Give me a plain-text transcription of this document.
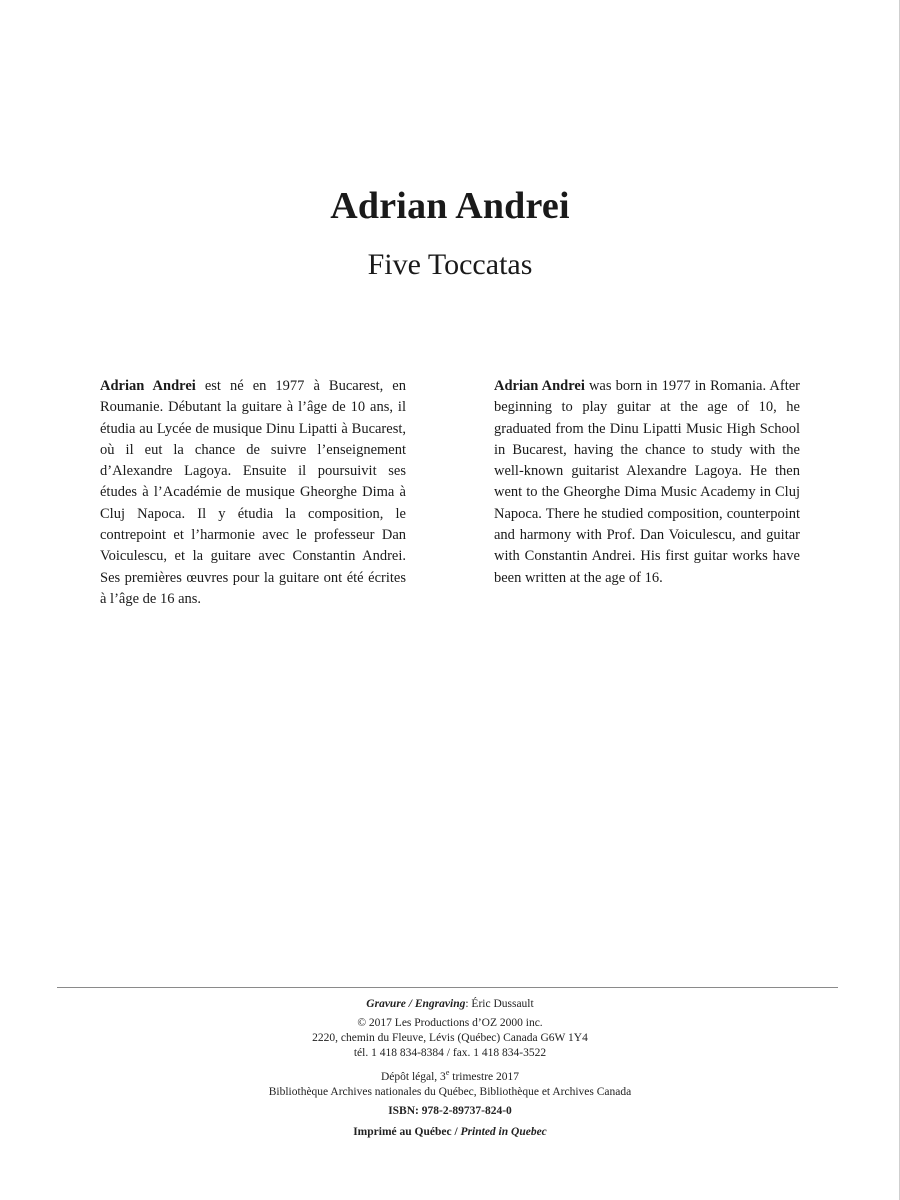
Adrian Andrei
Five Toccatas
Adrian Andrei est né en 1977 à Bucarest, en Roumanie. Débutant la guitare à l’âge de 10 ans, il étudia au Lycée de musique Dinu Lipatti à Bucarest, où il eut la chance de suivre l’enseignement d’Alexandre Lagoya. Ensuite il poursuivit ses études à l’Académie de musique Gheorghe Dima à Cluj Napoca. Il y étudia la composition, le contrepoint et l’harmonie avec le professeur Dan Voiculescu, et la guitare avec Constantin Andrei. Ses premières œuvres pour la guitare ont été écrites à l’âge de 16 ans.
Adrian Andrei was born in 1977 in Romania. After beginning to play guitar at the age of 10, he graduated from the Dinu Lipatti Music High School in Bucarest, having the chance to study with the well-known guitarist Alexandre Lagoya. He then went to the Gheorghe Dima Music Academy in Cluj Napoca. There he studied composition, counterpoint and harmony with Prof. Dan Voiculescu, and guitar with Constantin Andrei. His first guitar works have been written at the age of 16.
Gravure / Engraving: Éric Dussault
© 2017 Les Productions d’OZ 2000 inc.
2220, chemin du Fleuve, Lévis (Québec) Canada G6W 1Y4
tél. 1 418 834-8384 / fax. 1 418 834-3522
Dépôt légal, 3e trimestre 2017
Bibliothèque Archives nationales du Québec, Bibliothèque et Archives Canada
ISBN: 978-2-89737-824-0
Imprimé au Québec / Printed in Quebec
